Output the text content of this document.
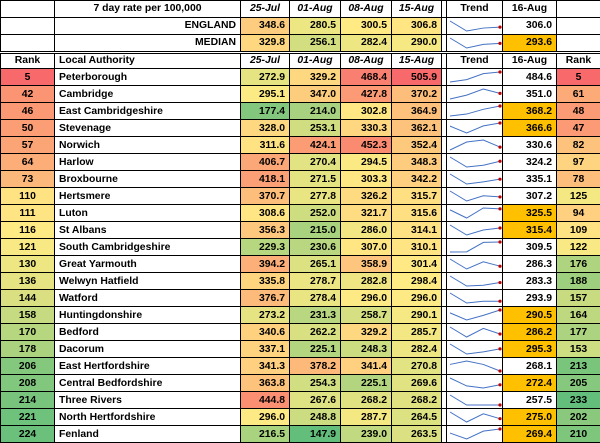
	7 day rate per 100,000	25-Jul	01-Aug	08-Aug	15-Aug		Trend	16-Aug	
	ENGLAND	348.6	280.5	300.5	306.8			306.0	
	MEDIAN	329.8	256.1	282.4	290.0			293.6	
Rank	Local Authority	25-Jul	01-Aug	08-Aug	15-Aug		Trend	16-Aug	Rank
5	Peterborough	272.9	329.2	468.4	505.9			484.6	5
42	Cambridge	295.1	347.0	427.8	370.2			351.0	61
46	East Cambridgeshire	177.4	214.0	302.8	364.9			368.2	48
50	Stevenage	328.0	253.1	330.3	362.1			366.6	47
57	Norwich	311.6	424.1	452.3	352.4			330.6	82
64	Harlow	406.7	270.4	294.5	348.3			324.2	97
73	Broxbourne	418.1	271.5	303.3	342.2			335.1	78
110	Hertsmere	370.7	277.8	326.2	315.7			307.2	125
111	Luton	308.6	252.0	321.7	315.6			325.5	94
116	St Albans	356.3	215.0	286.0	314.1			315.4	109
121	South Cambridgeshire	229.3	230.6	307.0	310.1			309.5	122
130	Great Yarmouth	394.2	265.1	358.9	301.4			286.3	176
136	Welwyn Hatfield	335.8	278.7	282.8	298.4			283.3	188
144	Watford	376.7	278.4	296.0	296.0			293.9	157
158	Huntingdonshire	273.2	231.3	258.7	290.1			290.5	164
170	Bedford	340.6	262.2	329.2	285.7			286.2	177
178	Dacorum	337.1	225.1	248.3	282.4			295.3	153
206	East Hertfordshire	341.3	378.2	341.4	270.8			268.1	213
208	Central Bedfordshire	363.8	254.3	225.1	269.6			272.4	205
214	Three Rivers	444.8	267.6	268.2	268.2			257.5	233
221	North Hertfordshire	296.0	248.8	287.7	264.5			275.0	202
224	Fenland	216.5	147.9	239.0	263.5			269.4	210
